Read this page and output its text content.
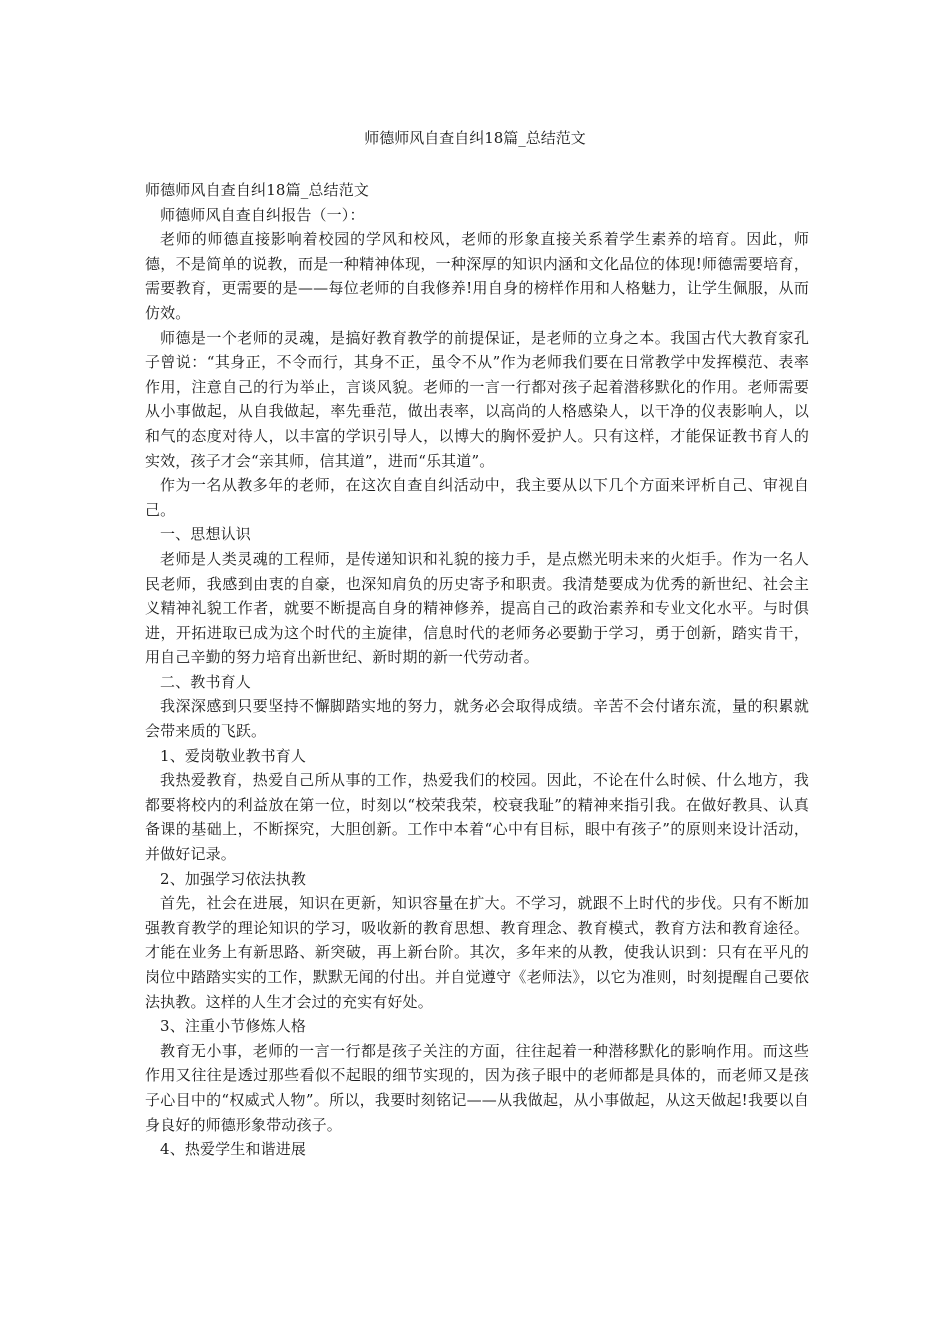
师德师风自查自纠18篇_总结范文

师德师风自查自纠18篇_总结范文

师德师风自查自纠报告（一）：

老师的师德直接影响着校园的学风和校风，老师的形象直接关系着学生素养的培育。因此，师德，不是简单的说教，而是一种精神体现，一种深厚的知识内涵和文化品位的体现!师德需要培育，需要教育，更需要的是——每位老师的自我修养!用自身的榜样作用和人格魅力，让学生佩服，从而仿效。

师德是一个老师的灵魂，是搞好教育教学的前提保证，是老师的立身之本。我国古代大教育家孔子曾说：“其身正，不令而行，其身不正，虽令不从”作为老师我们要在日常教学中发挥模范、表率作用，注意自己的行为举止，言谈风貌。老师的一言一行都对孩子起着潜移默化的作用。老师需要从小事做起，从自我做起，率先垂范，做出表率，以高尚的人格感染人，以干净的仪表影响人，以和气的态度对待人，以丰富的学识引导人，以博大的胸怀爱护人。只有这样，才能保证教书育人的实效，孩子才会“亲其师，信其道”，进而“乐其道”。

作为一名从教多年的老师，在这次自查自纠活动中，我主要从以下几个方面来评析自己、审视自己。

一、思想认识

老师是人类灵魂的工程师，是传递知识和礼貌的接力手，是点燃光明未来的火炬手。作为一名人民老师，我感到由衷的自豪，也深知肩负的历史寄予和职责。我清楚要成为优秀的新世纪、社会主义精神礼貌工作者，就要不断提高自身的精神修养，提高自己的政治素养和专业文化水平。与时俱进，开拓进取已成为这个时代的主旋律，信息时代的老师务必要勤于学习，勇于创新，踏实肯干，用自己辛勤的努力培育出新世纪、新时期的新一代劳动者。

二、教书育人

我深深感到只要坚持不懈脚踏实地的努力，就务必会取得成绩。辛苦不会付诸东流，量的积累就会带来质的飞跃。

1、爱岗敬业教书育人

我热爱教育，热爱自己所从事的工作，热爱我们的校园。因此，不论在什么时候、什么地方，我都要将校内的利益放在第一位，时刻以“校荣我荣，校衰我耻”的精神来指引我。在做好教具、认真备课的基础上，不断探究，大胆创新。工作中本着“心中有目标，眼中有孩子”的原则来设计活动，并做好记录。

2、加强学习依法执教

首先，社会在进展，知识在更新，知识容量在扩大。不学习，就跟不上时代的步伐。只有不断加强教育教学的理论知识的学习，吸收新的教育思想、教育理念、教育模式，教育方法和教育途径。才能在业务上有新思路、新突破，再上新台阶。其次，多年来的从教，使我认识到：只有在平凡的岗位中踏踏实实的工作，默默无闻的付出。并自觉遵守《老师法》，以它为准则，时刻提醒自己要依法执教。这样的人生才会过的充实有好处。

3、注重小节修炼人格

教育无小事，老师的一言一行都是孩子关注的方面，往往起着一种潜移默化的影响作用。而这些作用又往往是透过那些看似不起眼的细节实现的，因为孩子眼中的老师都是具体的，而老师又是孩子心目中的“权威式人物”。所以，我要时刻铭记——从我做起，从小事做起，从这天做起!我要以自身良好的师德形象带动孩子。

4、热爱学生和谐进展
